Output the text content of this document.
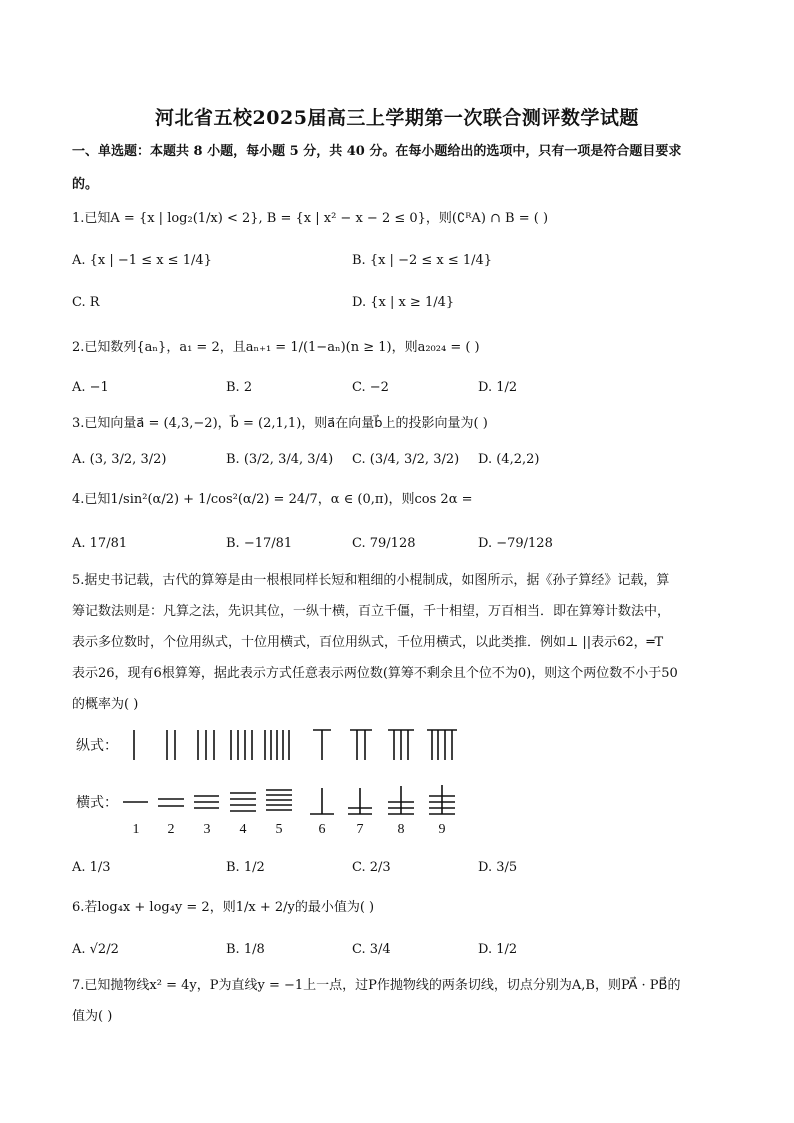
河北省五校2025届高三上学期第一次联合测评数学试题
一、单选题：本题共 8 小题，每小题 5 分，共 40 分。在每小题给出的选项中，只有一项是符合题目要求
的。
1.已知A = {x | log₂(1/x) < 2}, B = {x | x² − x − 2 ≤ 0}，则(∁ᴿA) ∩ B = ( )
A. {x | −1 ≤ x ≤ 1/4}	B. {x | −2 ≤ x ≤ 1/4}
C. R	D. {x | x ≥ 1/4}
2.已知数列{aₙ}，a₁ = 2，且aₙ₊₁ = 1/(1−aₙ)(n ≥ 1)，则a₂₀₂₄ = ( )
A. −1	B. 2	C. −2	D. 1/2
3.已知向量a⃗ = (4,3,−2)，b⃗ = (2,1,1)，则a⃗在向量b⃗上的投影向量为( )
A. (3, 3/2, 3/2)	B. (3/2, 3/4, 3/4) C. (3/4, 3/2, 3/2) D. (4,2,2)
4.已知1/sin²(α/2) + 1/cos²(α/2) = 24/7，α ∈ (0,π)，则cos 2α =
A. 17/81	B. −17/81	C. 79/128	D. −79/128
5.据史书记载，古代的算筹是由一根根同样长短和粗细的小棍制成，如图所示，据《孙子算经》记载，算
筹记数法则是：凡算之法，先识其位，一纵十横，百立千僵，千十相望，万百相当．即在算筹计数法中，
表示多位数时，个位用纵式，十位用横式，百位用纵式，千位用横式，以此类推．例如⊥ ||表示62，═T
表示26，现有6根算筹，据此表示方式任意表示两位数(算筹不剩余且个位不为0)，则这个两位数不小于50
的概率为( )
纵式：
横式：
1 2 3 4 5	6 7 8 9
A. 1/3	B. 1/2	C. 2/3	D. 3/5
6.若log₄x + log₄y = 2，则1/x + 2/y的最小值为( )
A. √2/2	B. 1/8	C. 3/4	D. 1/2
7.已知抛物线x² = 4y，P为直线y = −1上一点，过P作抛物线的两条切线，切点分别为A,B，则PA⃗ · PB⃗的
值为( )
